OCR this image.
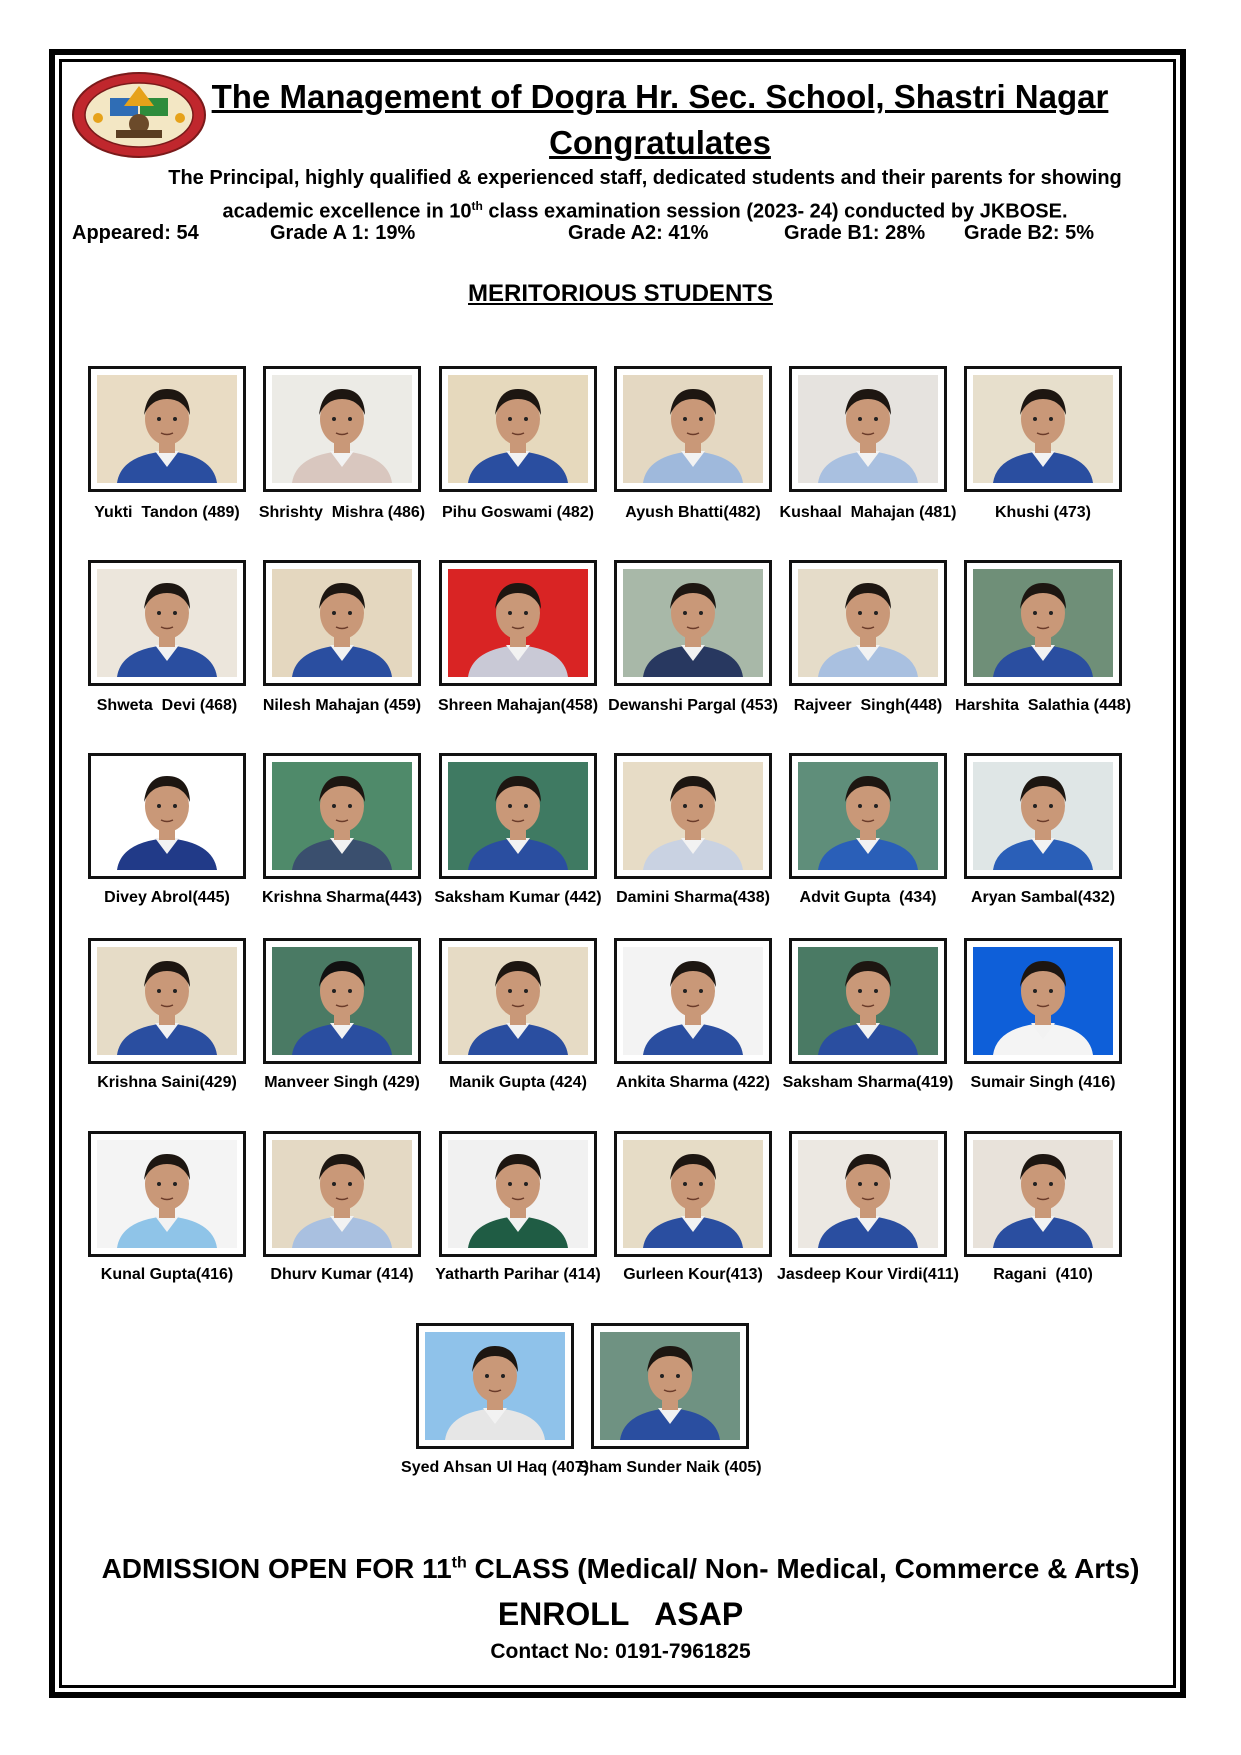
The Management of Dogra Hr. Sec. School, Shastri Nagar
Congratulates
The Principal, highly qualified & experienced staff, dedicated students and their parents for showing
academic excellence in 10th class examination session (2023- 24) conducted by JKBOSE.
Appeared: 54	Grade A 1: 19%	Grade A2: 41%	Grade B1: 28% Grade B2: 5%
MERITORIOUS STUDENTS
Yukti  Tandon (489)	Shrishty  Mishra (486)	Pihu Goswami (482)	Ayush Bhatti(482)	Kushaal  Mahajan (481)	Khushi (473)
Shweta  Devi (468)	Nilesh Mahajan (459)	Shreen Mahajan(458) Dewanshi Pargal (453) Rajveer  Singh(448) Harshita  Salathia (448)
Divey Abrol(445)	Krishna Sharma(443) Saksham Kumar (442) Damini Sharma(438)	Advit Gupta  (434)	Aryan Sambal(432)
Krishna Saini(429)	Manveer Singh (429)	Manik Gupta (424)	Ankita Sharma (422) Saksham Sharma(419)	Sumair Singh (416)
Kunal Gupta(416)	Dhurv Kumar (414)	Yatharth Parihar (414)	Gurleen Kour(413) Jasdeep Kour Virdi(411)	Ragani  (410)
Syed Ahsan Ul Haq (407)
Sham Sunder Naik (405)
ADMISSION OPEN FOR 11th CLASS (Medical/ Non- Medical, Commerce & Arts)
ENROLL   ASAP
Contact No: 0191-7961825
